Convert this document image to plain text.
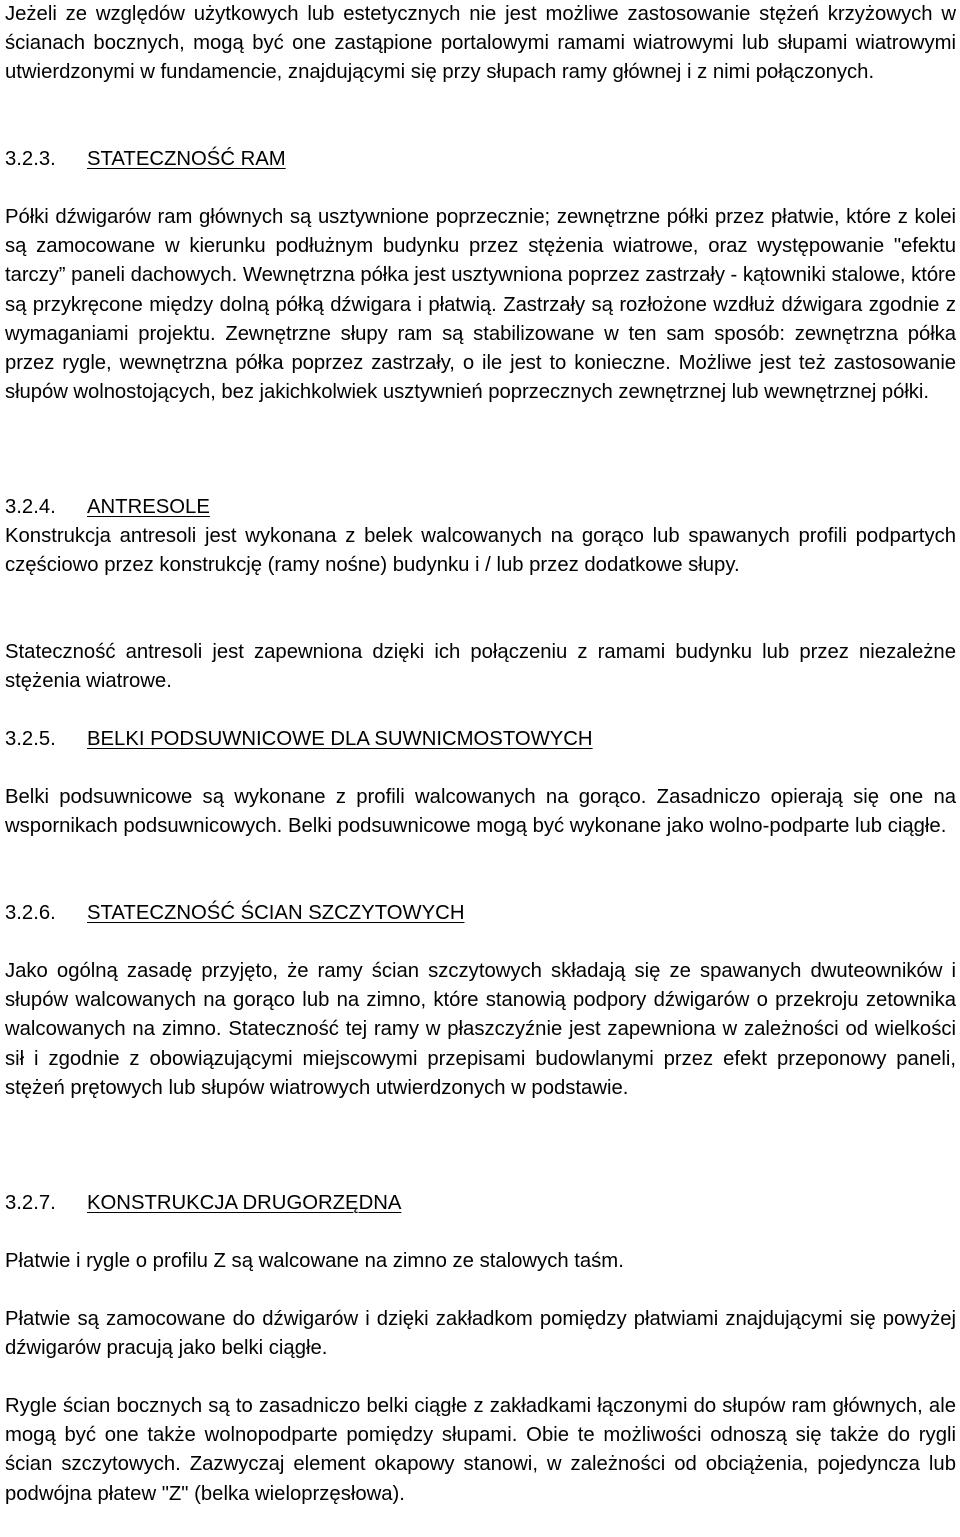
Jeżeli ze względów użytkowych lub estetycznych nie jest możliwe zastosowanie stężeń krzyżowych w ścianach bocznych, mogą być one zastąpione portalowymi ramami wiatrowymi lub słupami wiatrowymi utwierdzonymi w fundamencie, znajdującymi się przy słupach ramy głównej i z nimi połączonych.

3.2.3. STATECZNOŚĆ RAM

Półki dźwigarów ram głównych są usztywnione poprzecznie; zewnętrzne półki przez płatwie, które z kolei są zamocowane w kierunku podłużnym budynku przez stężenia wiatrowe, oraz występowanie "efektu tarczy” paneli dachowych. Wewnętrzna półka jest usztywniona poprzez zastrzały - kątowniki stalowe, które są przykręcone między dolną półką dźwigara i płatwią. Zastrzały są rozłożone wzdłuż dźwigara zgodnie z wymaganiami projektu. Zewnętrzne słupy ram są stabilizowane w ten sam sposób: zewnętrzna półka przez rygle, wewnętrzna półka poprzez zastrzały, o ile jest to konieczne. Możliwe jest też zastosowanie słupów wolnostojących, bez jakichkolwiek usztywnień poprzecznych zewnętrznej lub wewnętrznej półki.

3.2.4. ANTRESOLE

Konstrukcja antresoli jest wykonana z belek walcowanych na gorąco lub spawanych profili podpartych częściowo przez konstrukcję (ramy nośne) budynku i / lub przez dodatkowe słupy.

Stateczność antresoli jest zapewniona dzięki ich połączeniu z ramami budynku lub przez niezależne stężenia wiatrowe.

3.2.5. BELKI PODSUWNICOWE DLA SUWNICMOSTOWYCH

Belki podsuwnicowe są wykonane z profili walcowanych na gorąco. Zasadniczo opierają się one na wspornikach podsuwnicowych. Belki podsuwnicowe mogą być wykonane jako wolno-podparte lub ciągłe.

3.2.6. STATECZNOŚĆ ŚCIAN SZCZYTOWYCH

Jako ogólną zasadę przyjęto, że ramy ścian szczytowych składają się ze spawanych dwuteowników i słupów walcowanych na gorąco lub na zimno, które stanowią podpory dźwigarów o przekroju zetownika walcowanych na zimno. Stateczność tej ramy w płaszczyźnie jest zapewniona w zależności od wielkości sił i zgodnie z obowiązującymi miejscowymi przepisami budowlanymi przez efekt przeponowy paneli, stężeń prętowych lub słupów wiatrowych utwierdzonych w podstawie.

3.2.7. KONSTRUKCJA DRUGORZĘDNA

Płatwie i rygle o profilu Z są walcowane na zimno ze stalowych taśm.

Płatwie są zamocowane do dźwigarów i dzięki zakładkom pomiędzy płatwiami znajdującymi się powyżej dźwigarów pracują jako belki ciągłe.

Rygle ścian bocznych są to zasadniczo belki ciągłe z zakładkami łączonymi do słupów ram głównych, ale mogą być one także wolnopodparte pomiędzy słupami. Obie te możliwości odnoszą się także do rygli ścian szczytowych. Zazwyczaj element okapowy stanowi, w zależności od obciążenia, pojedyncza lub podwójna płatew "Z" (belka wieloprzęsłowa).
